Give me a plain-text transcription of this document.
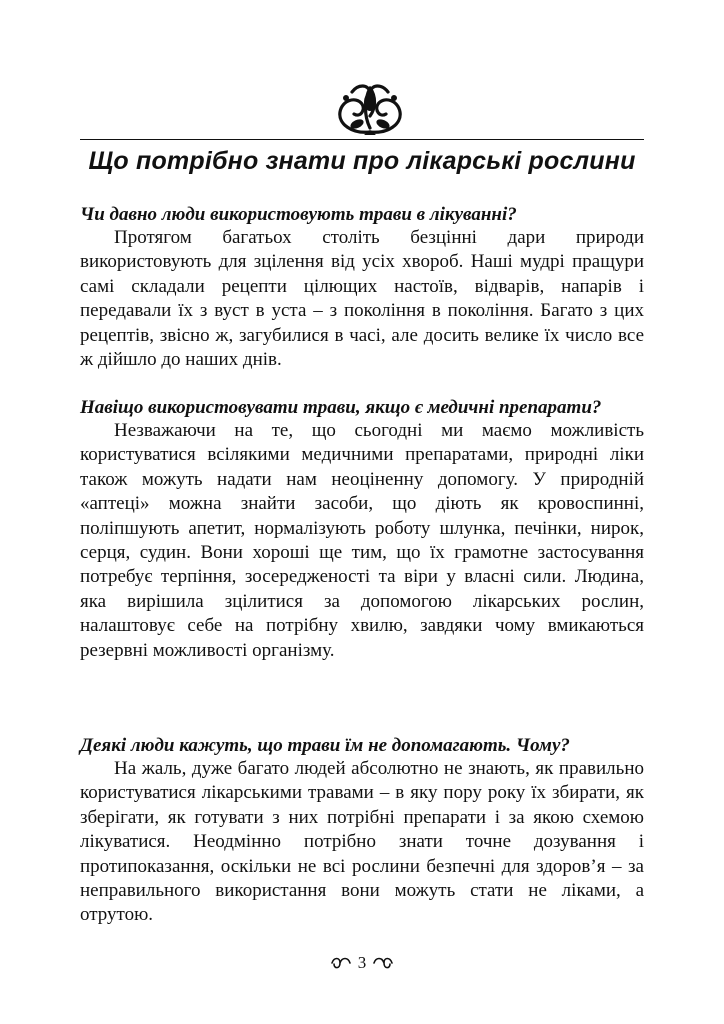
Що потрібно знати про лікарські рослини

Чи давно люди використовують трави в лікуванні?

Протягом багатьох століть безцінні дари природи використовують для зцілення від усіх хвороб. Наші мудрі пращури самі складали рецепти цілющих настоїв, відварів, напарів і передавали їх з вуст в уста – з покоління в покоління. Багато з цих рецептів, звісно ж, загубилися в часі, але досить велике їх число все ж дійшло до наших днів.

Навіщо використовувати трави, якщо є медичні препарати?

Незважаючи на те, що сьогодні ми маємо можливість користуватися всілякими медичними препаратами, природні ліки також можуть надати нам неоціненну допомогу. У природній «аптеці» можна знайти засоби, що діють як кровоспинні, поліпшують апетит, нормалізують роботу шлунка, печінки, нирок, серця, судин. Вони хороші ще тим, що їх грамотне застосування потребує терпіння, зосередженості та віри у власні сили. Людина, яка вирішила зцілитися за допомогою лікарських рослин, налаштовує себе на потрібну хвилю, завдяки чому вмикаються резервні можливості організму.

Деякі люди кажуть, що трави їм не допомагають. Чому?

На жаль, дуже багато людей абсолютно не знають, як правильно користуватися лікарськими травами – в яку пору року їх збирати, як зберігати, як готувати з них потрібні препарати і за якою схемою лікуватися. Неодмінно потрібно знати точне дозування і протипоказання, оскільки не всі рослини безпечні для здоров’я – за неправильного використання вони можуть стати не ліками, а отрутою.

3
